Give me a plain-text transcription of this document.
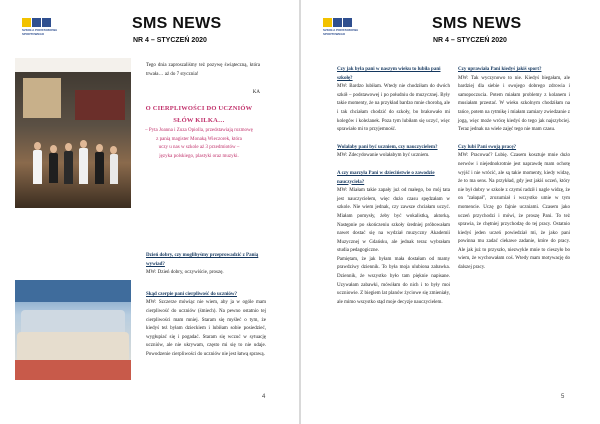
SZKOŁA PODSTAWOWA SPORTOWEGO
SMS NEWS
NR 4 – STYCZEŃ 2020

Tego dnia zaproszaliśmy też pozywę świąteczną, która trwała… aż do 7 stycznia!

KA

O CIERPLIWOŚCI DO UCZNIÓW SŁÓW KILKA…

– Pyta Joanna i Zuza Opiolla, przedstawiają rozmowę

z panią magister Monaką Wieczorek, która

uczy u nas w szkole aż 3 przedmiotów –

języka polskiego, plastyki oraz muzyki.

Dzień dobry, czy moglibyśmy przeprowadzić z Panią wywiad?

MW: Dzień dobry, oczywiście, proszę.

Skąd czerpie pani cierpliwość do uczniów?

MW: Szczerze mówiąc nie wiem, aby ja w ogóle mam cierpliwość do uczniów (śmiech). Na pewno ostatnio tej cierpliwości mam mniej. Staram się myśleć o tym, że kiedyś też byłam dzieckiem i lubiłam sobie posiedzieć, wygłupiać się i pogadać. Staram się wczuć w sytuację uczniów, ale nie ukrywam, często mi się to nie udaje. Powodzenie cierpliwości do uczniów nie jest łatwą sprawą.

4
SZKOŁA PODSTAWOWA SPORTOWEGO
SMS NEWS
NR 4 – STYCZEŃ 2020

Czy jak była pani w naszym wieku to lubiła pani szkołę?

MW: Bardzo lubiłam. Wtedy nie chodziłam do dwóch szkół – podstawowej i po południu do muzycznej. Były takie momenty, że na przykład bardzo mnie chorobą, ale i tak chciałam chodzić do szkoły, bo brakowało mi kolegów i koleżanek. Poza tym lubiłam się uczyć, więc sprawiało mi to przyjemność.

Wolałaby pani być uczniem, czy nauczycielem?

MW: Zdecydowanie wolałabym być uczniem.

A czy marzyła Pani w dzieciństwie o zawodzie nauczyciela?

MW: Miałam takie zapały już od małego, bo mój tata jest nauczycielem, więc dużo czasu spędzałam w szkole. Nie wiem jednak, czy zawsze chciałam uczyć. Miałam pomysły, żeby być wokalistką, aktorką. Następnie po skończeniu szkoły średniej próbowałam nawet dostać się na wydział muzyczny Akademii Muzycznej w Gdańsku, ale jednak teraz wybrałam studia pedagogiczne.
Pamiętam, że jak byłam mała dostałam od mamy prawdziwy dziennik. To była moja ulubiona zabawka. Dziennik, że wszystko było tam pięknie napisane. Uzywałam zabawki, mówiłam do nich i to były moi uczniowie. Z biegiem lat planów życiowe się zmieniały, ale mimo wszystko stąd moje decyzje nauczycielem.

Czy uprawiała Pani kiedyś jakiś sport?

MW: Tak wyczynowo to nie. Kiedyś biegałam, ale bardziej dla siebie i swojego dobrego zdrowia i samopoczucia. Potem miałam problemy z kolanem i musiałam przestać. W wieku szkolnym chodziłam na tańce, potem na rytmikę i miałam zamiary zwiedzanie z jogą, więc może wrócę kiedyś do tego jak najszybciej. Teraz jednak na wiele zajęć tego nie mam czasu.

Czy lubi Pani swoją pracę?

MW: Pracować? Lubię. Czasem kosztuje mnie dużo nerwów i niejednokrotnie jest naprawdę mam ochotę wyjść i nie wrócić, ale są takie momenty, kiedy widzę, że to ma sens. Na przykład, gdy jest jakiś uczeń, który nie był dobry w szkole z czymś radził i nagle widzę, że on "załapał", zrozumiał i wszystko umie w tym momencie. Uczę go fajnie uczniami. Czasem jako uczeń przychodzi i mówi, że proszę Pani. To też sprawia, że chętniej przychodzę do tej pracy. Ostatnio kiedyś jeden uczeń powiedział mi, że jako pani powinna mu zadać ciekawe zadanie, które do pracy. Ale jak już to przyszło, niezwykle mnie to cieszyło bo wiem, że wychowałam coś. Wtedy mam motywację do dalszej pracy.

5
